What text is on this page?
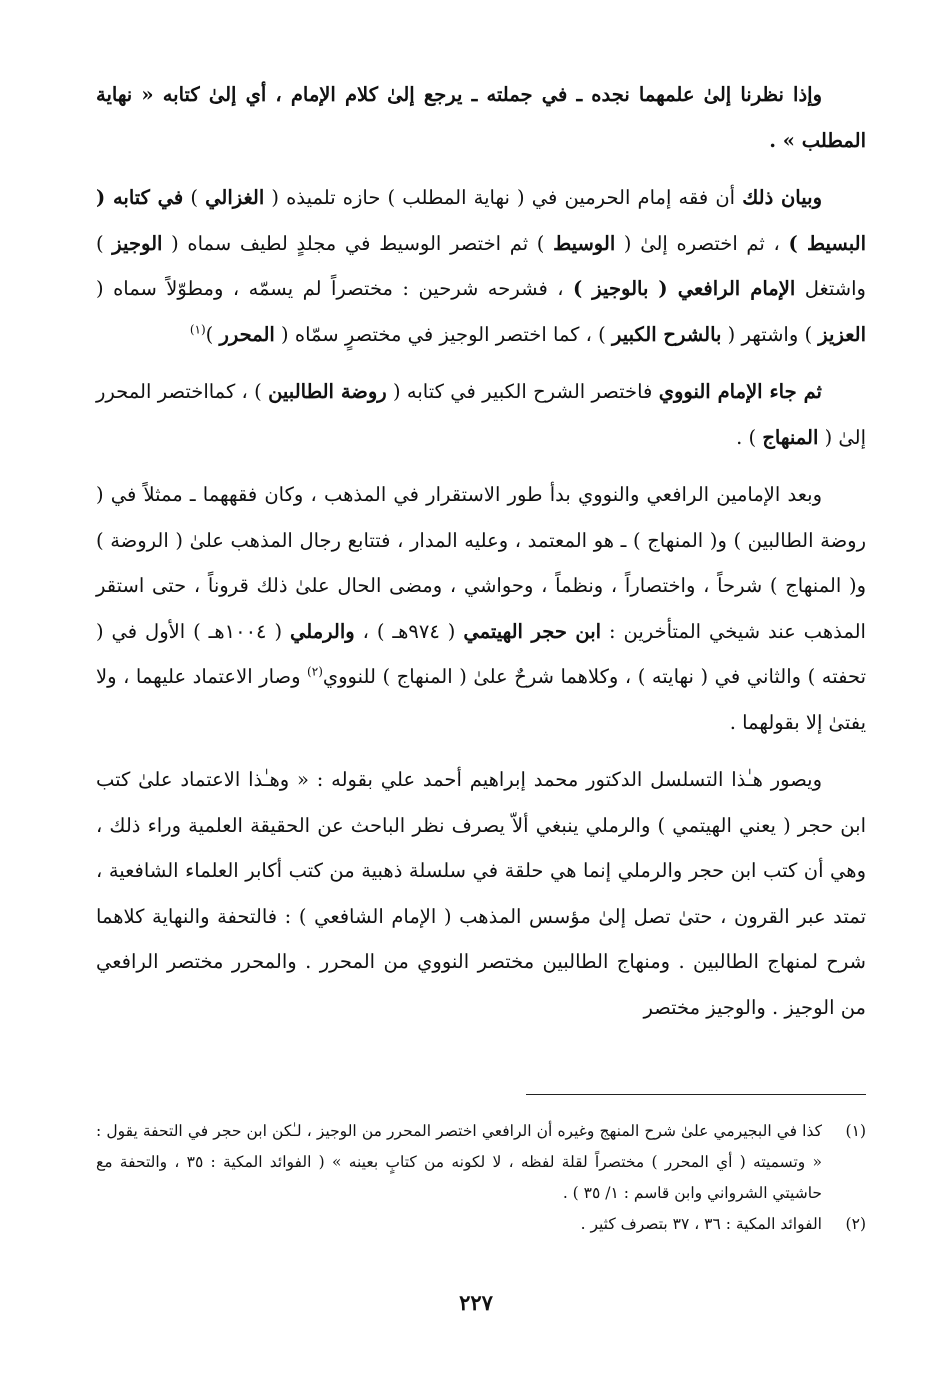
وإذا نظرنا إلىٰ علمهما نجده ـ في جملته ـ يرجع إلىٰ كلام الإمام ، أي إلىٰ كتابه « نهاية المطلب » .

وبيان ذلك أن فقه إمام الحرمين في ( نهاية المطلب ) حازه تلميذه ( الغزالي ) في كتابه ( البسيط ) ، ثم اختصره إلىٰ ( الوسيط ) ثم اختصر الوسيط في مجلدٍ لطيف سماه ( الوجيز ) واشتغل الإمام الرافعي ( بالوجيز ) ، فشرحه شرحين : مختصراً لم يسمّه ، ومطوّلاً سماه ( العزيز ) واشتهر ( بالشرح الكبير ) ، كما اختصر الوجيز في مختصرٍ سمّاه ( المحرر )$^{(١)}$

ثم جاء الإمام النووي فاختصر الشرح الكبير في كتابه ( روضة الطالبين ) ، كمااختصر المحرر إلىٰ ( المنهاج ) .

وبعد الإمامين الرافعي والنووي بدأ طور الاستقرار في المذهب ، وكان فقههما ـ ممثلاً في ( روضة الطالبين ) و( المنهاج ) ـ هو المعتمد ، وعليه المدار ، فتتابع رجال المذهب علىٰ ( الروضة ) و( المنهاج ) شرحاً ، واختصاراً ، ونظماً ، وحواشي ، ومضى الحال علىٰ ذلك قروناً ، حتى استقر المذهب عند شيخي المتأخرين : ابن حجر الهيتمي ( ٩٧٤هـ ) ، والرملي ( ١٠٠٤هـ ) الأول في ( تحفته ) والثاني في ( نهايته ) ، وكلاهما شرحٌ علىٰ ( المنهاج ) للنووي$^{(٢)}$ وصار الاعتماد عليهما ، ولا يفتىٰ إلا بقولهما .

ويصور هـٰذا التسلسل الدكتور محمد إبراهيم أحمد علي بقوله : « وهـٰذا الاعتماد علىٰ كتب ابن حجر ( يعني الهيتمي ) والرملي ينبغي ألاّ يصرف نظر الباحث عن الحقيقة العلمية وراء ذلك ، وهي أن كتب ابن حجر والرملي إنما هي حلقة في سلسلة ذهبية من كتب أكابر العلماء الشافعية ، تمتد عبر القرون ، حتىٰ تصل إلىٰ مؤسس المذهب ( الإمام الشافعي ) : فالتحفة والنهاية كلاهما شرح لمنهاج الطالبين . ومنهاج الطالبين مختصر النووي من المحرر . والمحرر مختصر الرافعي من الوجيز . والوجيز مختصر

(١)
كذا في البجيرمي علىٰ شرح المنهج وغيره أن الرافعي اختصر المحرر من الوجيز ، لـٰكن ابن حجر في التحفة يقول : « وتسميته ( أي المحرر ) مختصراً لقلة لفظه ، لا لكونه من كتابٍ بعينه » ( الفوائد المكية : ٣٥ ، والتحفة مع حاشيتي الشرواني وابن قاسم : ١/ ٣٥ ) .
(٢)
الفوائد المكية : ٣٦ ، ٣٧ بتصرف كثير .
٢٢٧
